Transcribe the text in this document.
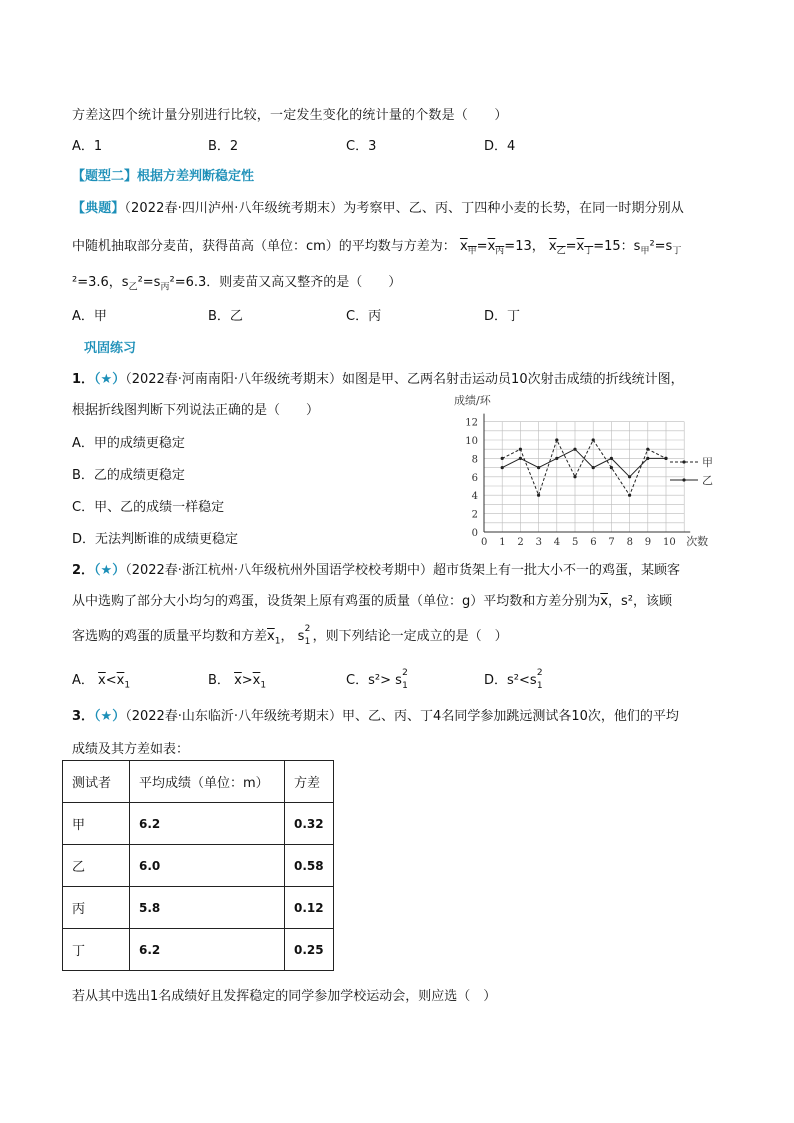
方差这四个统计量分别进行比较，一定发生变化的统计量的个数是（　　）
A．1	B．2	C．3	D．4
【题型二】根据方差判断稳定性
【典题】（2022春·四川泸州·八年级统考期末）为考察甲、乙、丙、丁四种小麦的长势，在同一时期分别从
中随机抽取部分麦苗，获得苗高（单位：cm）的平均数与方差为： $x_甲=x_丙=13$， $x_乙=x_丁=15$：$s_甲^2=s_丁$
²=3.6，$s_乙^2=s_丙^2=6.3$．则麦苗又高又整齐的是（　　）
A．甲	B．乙	C．丙	D．丁
巩固练习
1．（★）（2022春·河南南阳·八年级统考期末）如图是甲、乙两名射击运动员10次射击成绩的折线统计图，
根据折线图判断下列说法正确的是（　　）
A．甲的成绩更稳定
B．乙的成绩更稳定
C．甲、乙的成绩一样稳定
D．无法判断谁的成绩更稳定	0 1 2 3 4 5 6 7 8 9 10
0
2
4
6
8
10
12
成绩/环
次数
甲
乙
2．（★）（2022春·浙江杭州·八年级杭州外国语学校校考期中）超市货架上有一批大小不一的鸡蛋，某顾客
从中选购了部分大小均匀的鸡蛋，设货架上原有鸡蛋的质量（单位：g）平均数和方差分别为$\overline{x}$，s²，该顾
客选购的鸡蛋的质量平均数和方差$\overline{x}_1$， s 2
1 ，则下列结论一定成立的是（　）
A． $\overline{x}<\overline{x}_1$	B． $\overline{x}>\overline{x}_1$	C．s²> s 2
1	D．s²<s 2
1
3．（★）（2022春·山东临沂·八年级统考期末）甲、乙、丙、丁4名同学参加跳远测试各10次，他们的平均
成绩及其方差如表：
测试者	平均成绩（单位：m）	方差
甲	6.2	0.32
乙	6.0	0.58
丙	5.8	0.12
丁	6.2	0.25
若从其中选出1名成绩好且发挥稳定的同学参加学校运动会，则应选（　）
